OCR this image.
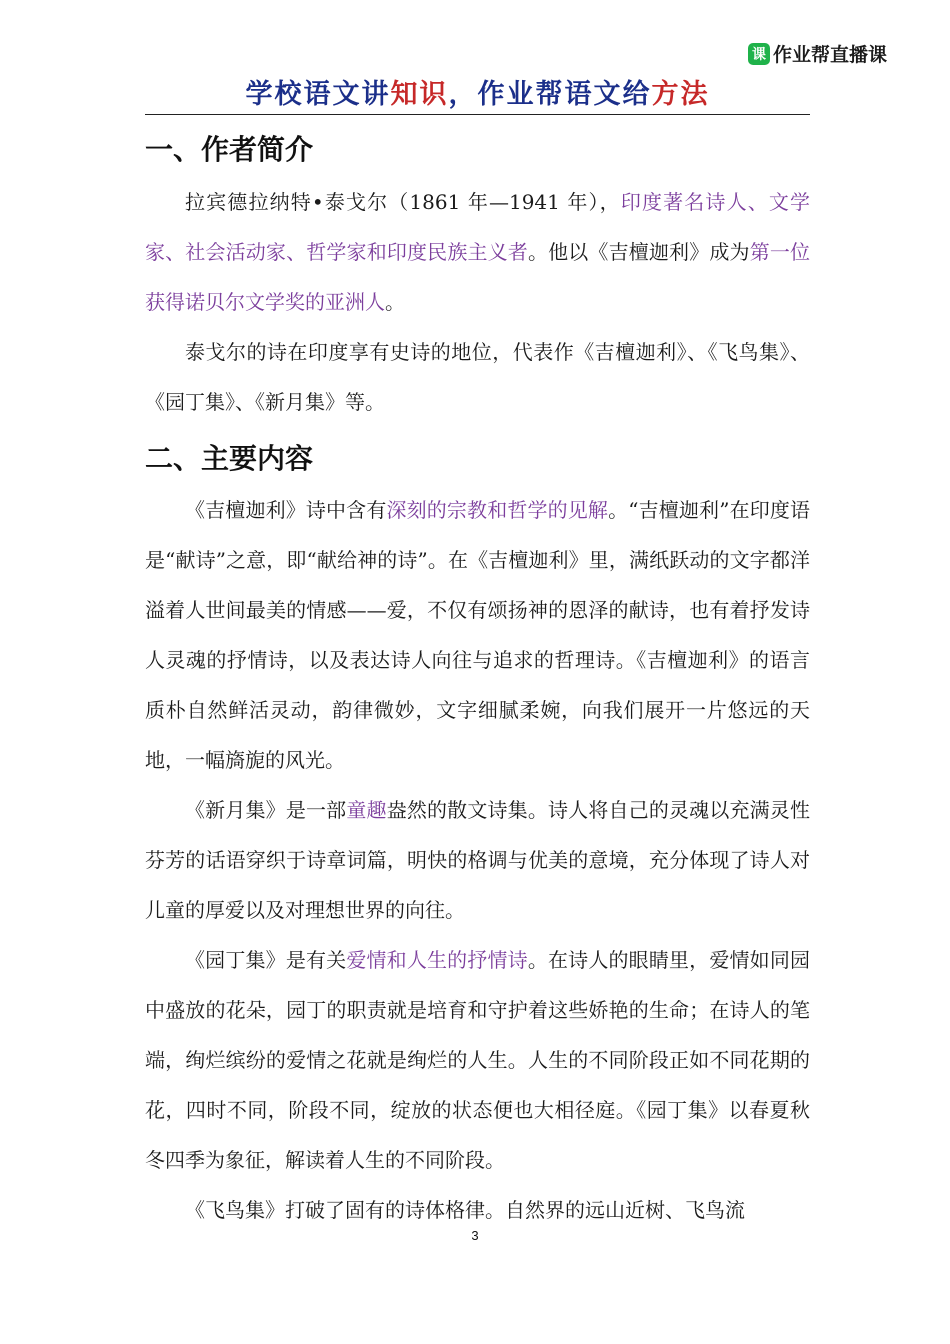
课 作业帮直播课
学校语文讲知识，作业帮语文给方法
一、作者简介

拉宾德拉纳特•泰戈尔（1861 年—1941 年），印度著名诗人、文学家、社会活动家、哲学家和印度民族主义者。他以《吉檀迦利》成为第一位获得诺贝尔文学奖的亚洲人。

泰戈尔的诗在印度享有史诗的地位，代表作《吉檀迦利》、《飞鸟集》、《园丁集》、《新月集》等。

二、主要内容

《吉檀迦利》诗中含有深刻的宗教和哲学的见解。“吉檀迦利”在印度语是“献诗”之意，即“献给神的诗”。在《吉檀迦利》里，满纸跃动的文字都洋溢着人世间最美的情感——爱，不仅有颂扬神的恩泽的献诗，也有着抒发诗人灵魂的抒情诗，以及表达诗人向往与追求的哲理诗。《吉檀迦利》的语言质朴自然鲜活灵动，韵律微妙，文字细腻柔婉，向我们展开一片悠远的天地，一幅旖旎的风光。

《新月集》是一部童趣盎然的散文诗集。诗人将自己的灵魂以充满灵性芬芳的话语穿织于诗章词篇，明快的格调与优美的意境，充分体现了诗人对儿童的厚爱以及对理想世界的向往。

《园丁集》是有关爱情和人生的抒情诗。在诗人的眼睛里，爱情如同园中盛放的花朵，园丁的职责就是培育和守护着这些娇艳的生命；在诗人的笔端，绚烂缤纷的爱情之花就是绚烂的人生。人生的不同阶段正如不同花期的花，四时不同，阶段不同，绽放的状态便也大相径庭。《园丁集》以春夏秋冬四季为象征，解读着人生的不同阶段。

《飞鸟集》打破了固有的诗体格律。自然界的远山近树、飞鸟流

3
